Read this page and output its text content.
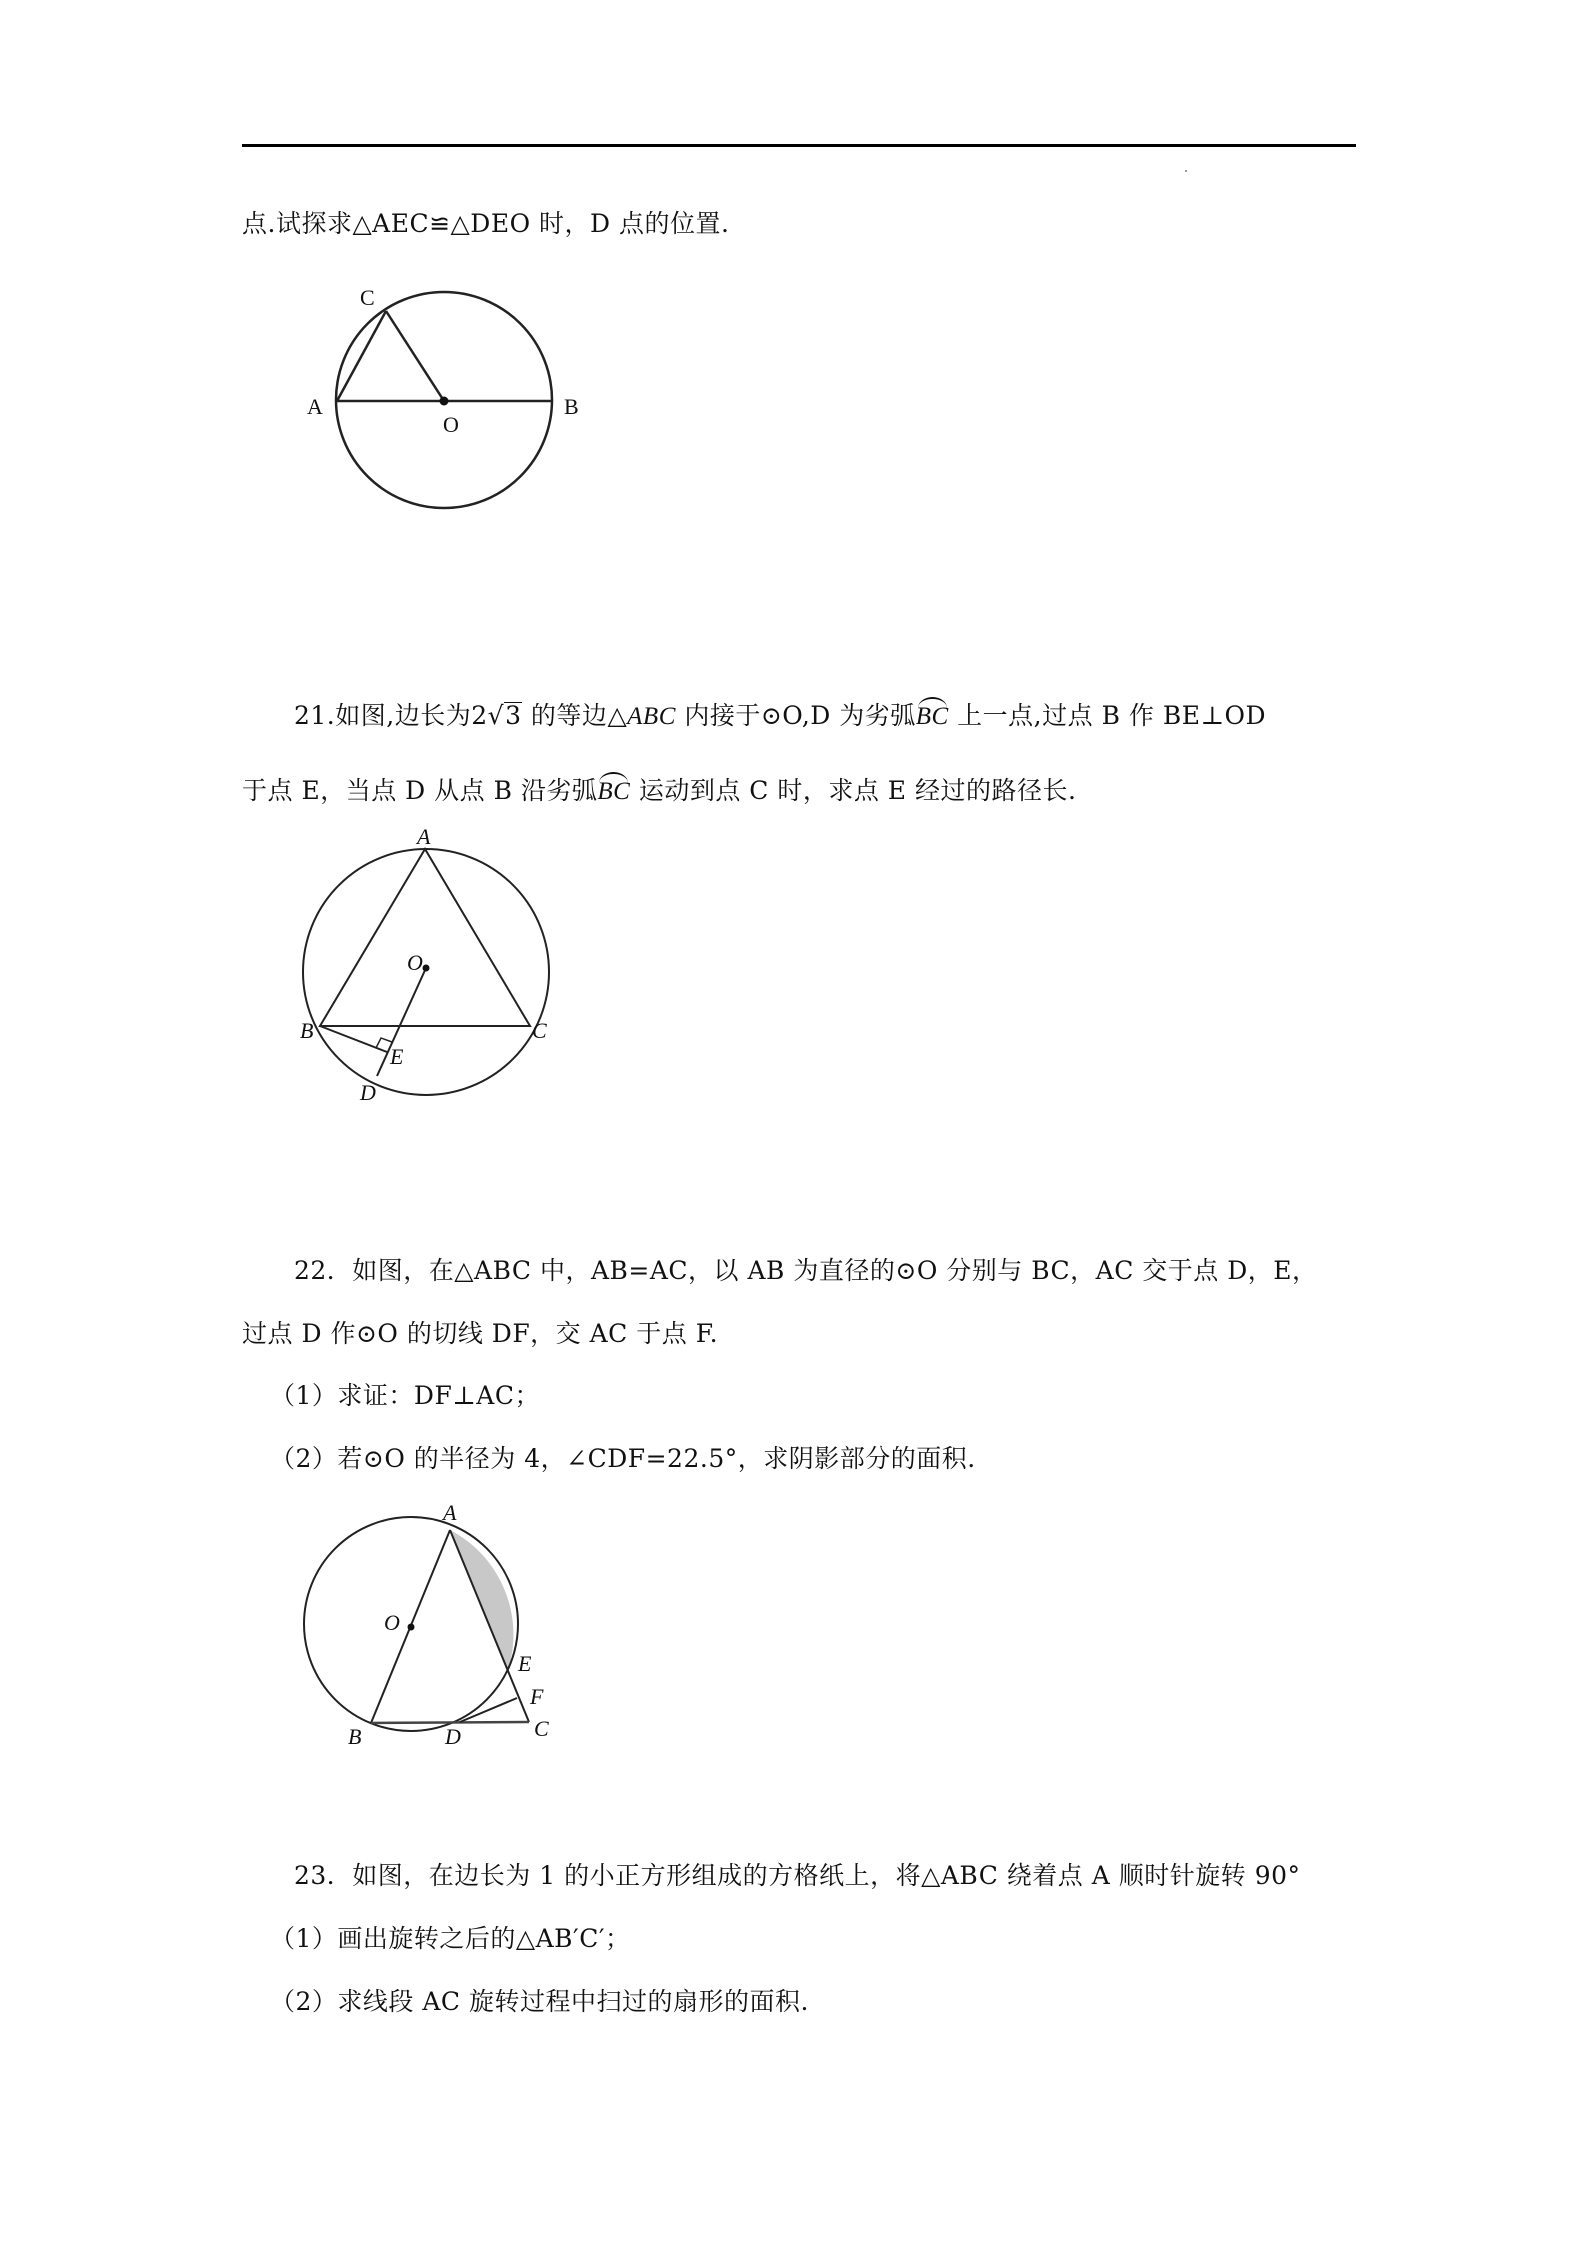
点.试探求△AEC≌△DEO 时，D 点的位置.
C
A	B
O
21.如图,边长为2√3 的等边△ABC 内接于⊙O,D 为劣弧BC 上一点,过点 B 作 BE⊥OD
于点 E，当点 D 从点 B 沿劣弧BC 运动到点 C 时，求点 E 经过的路径长.
A
O
B	C
E
D
22．如图，在△ABC 中，AB=AC，以 AB 为直径的⊙O 分别与 BC，AC 交于点 D，E，
过点 D 作⊙O 的切线 DF，交 AC 于点 F.
（1）求证：DF⊥AC；
（2）若⊙O 的半径为 4，∠CDF=22.5°，求阴影部分的面积.
A
O
E
F
B	D	C
23．如图，在边长为 1 的小正方形组成的方格纸上，将△ABC 绕着点 A 顺时针旋转 90°
（1）画出旋转之后的△AB′C′；
（2）求线段 AC 旋转过程中扫过的扇形的面积.
